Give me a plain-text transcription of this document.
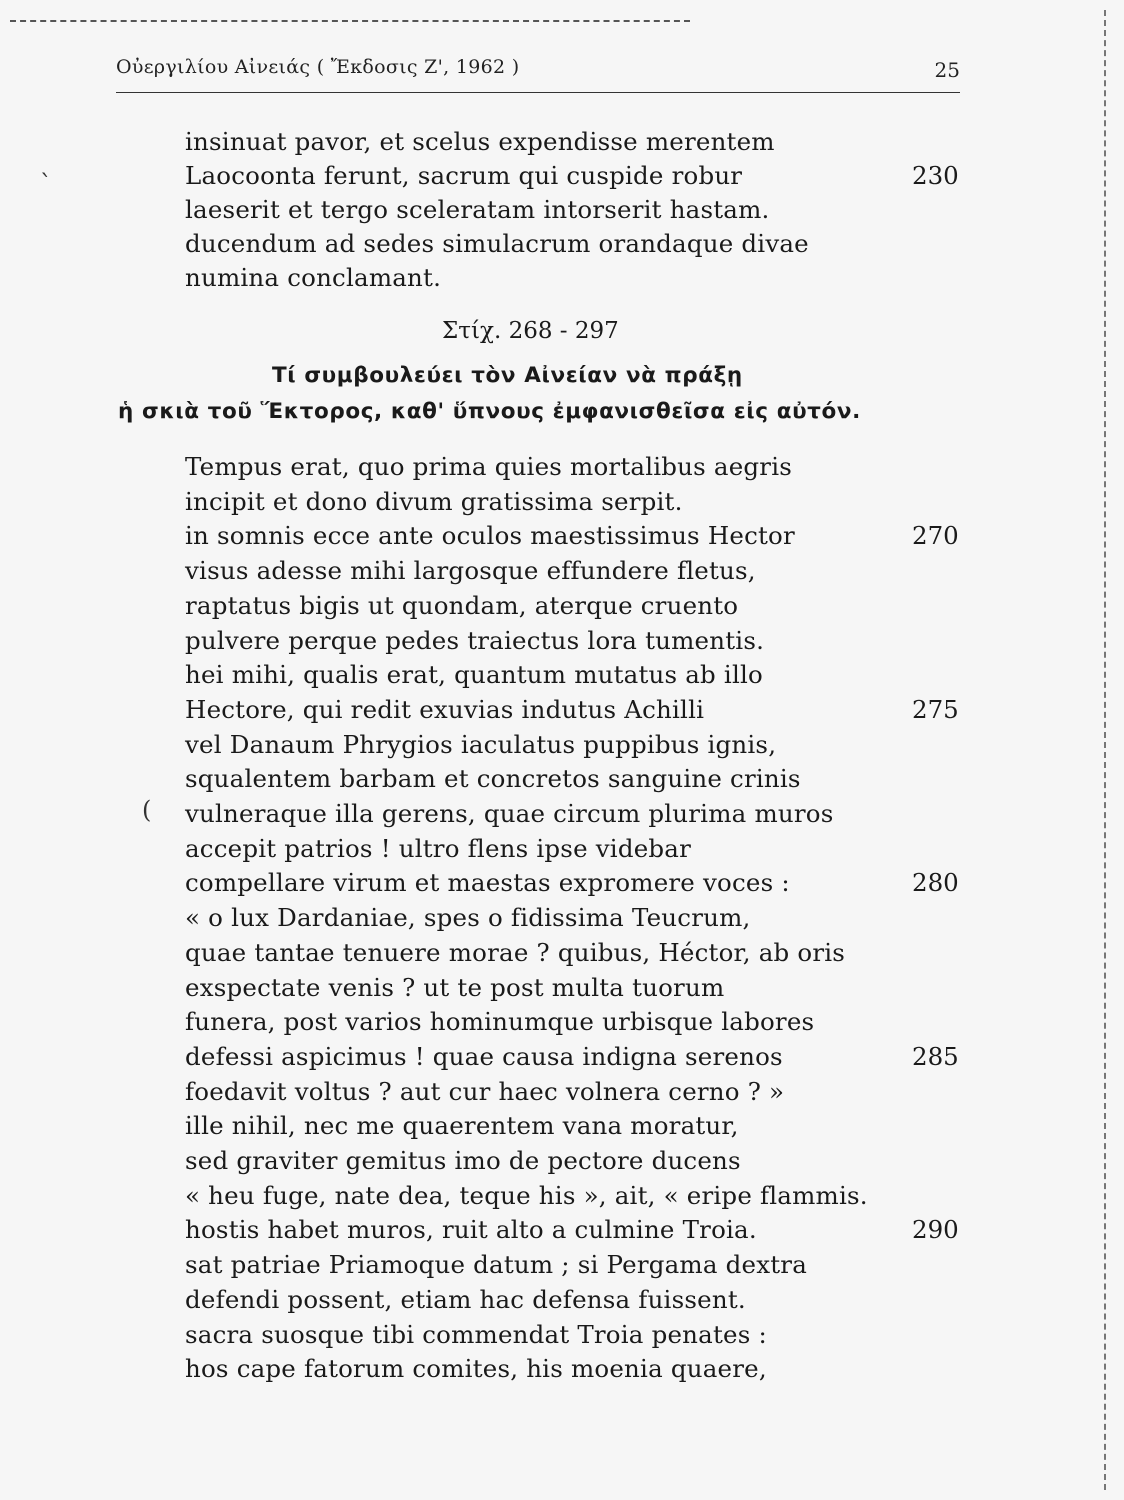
Οὐεργιλίου Αἰνειάς ( Ἔκδοσις Ζ', 1962 )	25
insinuat pavor, et scelus expendisse merentem
Laocoonta ferunt, sacrum qui cuspide robur	230
laeserit et tergo sceleratam intorserit hastam.
ducendum ad sedes simulacrum orandaque divae
numina conclamant.
Στίχ. 268 - 297
Τί συμβουλεύει τὸν Αἰνείαν νὰ πράξῃ
ἡ σκιὰ τοῦ Ἕκτορος, καθ' ὕπνους ἐμφανισθεῖσα εἰς αὐτόν.
Tempus erat, quo prima quies mortalibus aegris
incipit et dono divum gratissima serpit.
in somnis ecce ante oculos maestissimus Hector	270
visus adesse mihi largosque effundere fletus,
raptatus bigis ut quondam, aterque cruento
pulvere perque pedes traiectus lora tumentis.
hei mihi, qualis erat, quantum mutatus ab illo
Hectore, qui redit exuvias indutus Achilli	275
vel Danaum Phrygios iaculatus puppibus ignis,
squalentem barbam et concretos sanguine crinis
vulneraque illa gerens, quae circum plurima muros
accepit patrios ! ultro flens ipse videbar
compellare virum et maestas expromere voces :	280
« o lux Dardaniae, spes o fidissima Teucrum,
quae tantae tenuere morae ? quibus, Héctor, ab oris
exspectate venis ? ut te post multa tuorum
funera, post varios hominumque urbisque labores
defessi aspicimus ! quae causa indigna serenos	285
foedavit voltus ? aut cur haec volnera cerno ? »
ille nihil, nec me quaerentem vana moratur,
sed graviter gemitus imo de pectore ducens
« heu fuge, nate dea, teque his », ait, « eripe flammis.
hostis habet muros, ruit alto a culmine Troia.	290
sat patriae Priamoque datum ; si Pergama dextra
defendi possent, etiam hac defensa fuissent.
sacra suosque tibi commendat Troia penates :
hos cape fatorum comites, his moenia quaere,
`
(
